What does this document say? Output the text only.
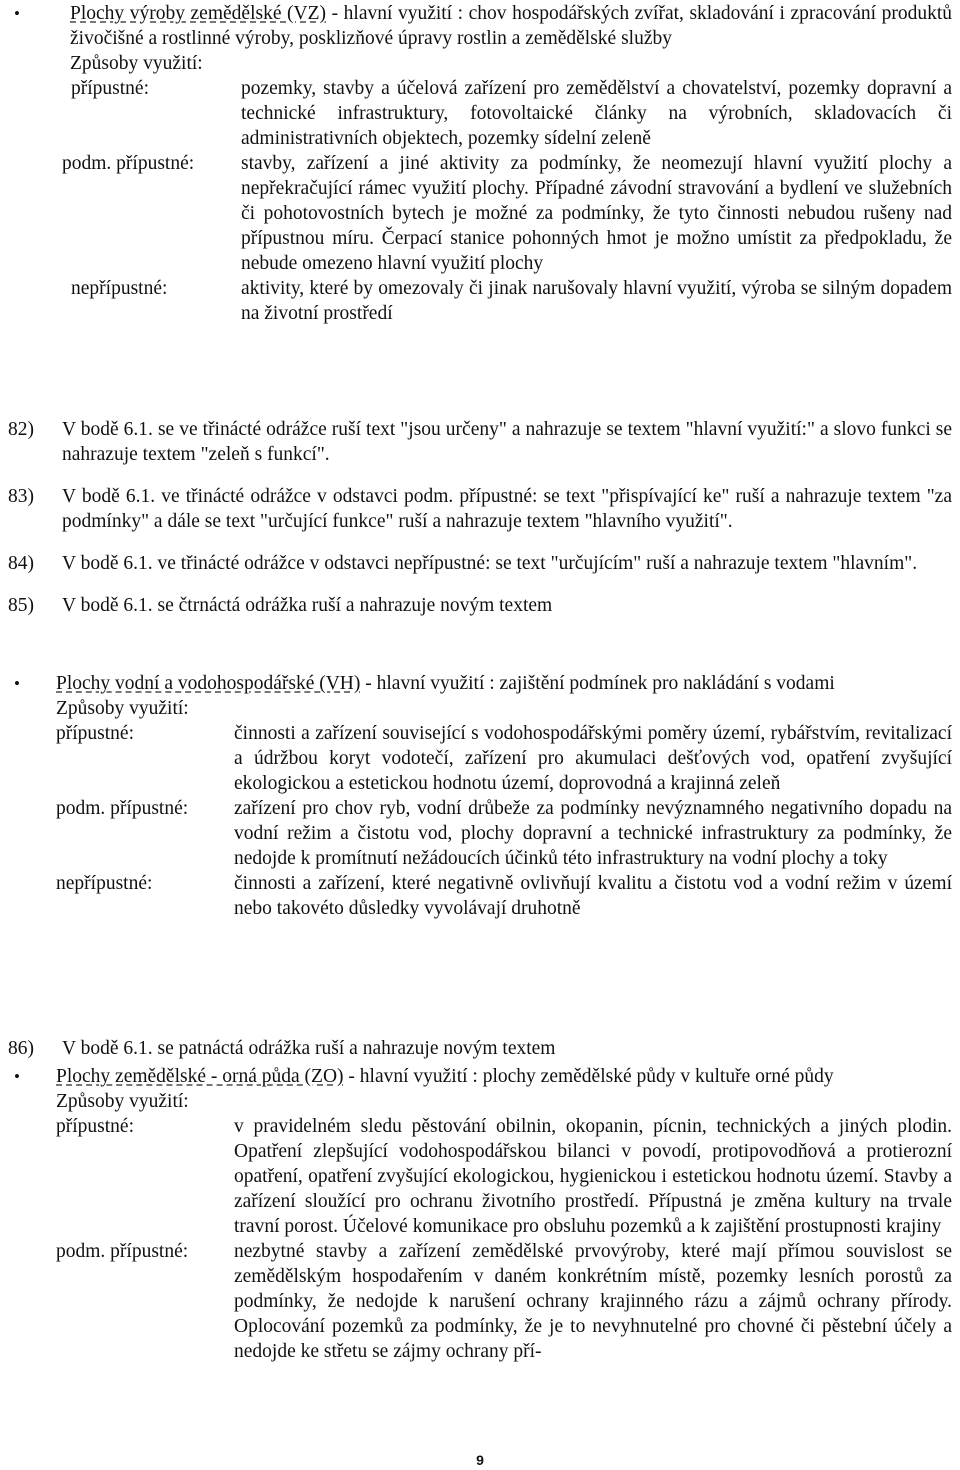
•	Plochy výroby zemědělské (VZ) - hlavní využití : chov hospodářských zvířat, skladování i zpracování produktů živočišné a rostlinné výroby, posklizňové úpravy rostlin a zemědělské služby

Způsoby využití:

přípustné:	pozemky, stavby a účelová zařízení pro zemědělství a chovatelství, pozemky dopravní a technické infrastruktury, fotovoltaické články na výrobních, skladovacích či administrativních objektech, pozemky sídelní zeleně

podm. přípustné:	stavby, zařízení a jiné aktivity za podmínky, že neomezují hlavní využití plochy a nepřekračující rámec využití plochy. Případné závodní stravování a bydlení ve služebních či pohotovostních bytech je možné za podmínky, že tyto činnosti nebudou rušeny nad přípustnou míru. Čerpací stanice pohonných hmot je možno umístit za předpokladu, že nebude omezeno hlavní využití plochy

nepřípustné:	aktivity, které by omezovaly či jinak narušovaly hlavní využití, výroba se silným dopadem na životní prostředí

82) V bodě 6.1. se ve třinácté odrážce ruší text "jsou určeny" a nahrazuje se textem "hlavní využití:" a slovo funkci se nahrazuje textem "zeleň s funkcí".

83) V bodě 6.1. ve třinácté odrážce v odstavci podm. přípustné: se text "přispívající ke" ruší a nahrazuje textem "za podmínky" a dále se text "určující funkce" ruší a nahrazuje textem "hlavního využití".

84) V bodě 6.1. ve třinácté odrážce v odstavci nepřípustné: se text "určujícím" ruší a nahrazuje textem "hlavním".

85) V bodě 6.1. se čtrnáctá odrážka ruší a nahrazuje novým textem

• Plochy vodní a vodohospodářské (VH) - hlavní využití : zajištění podmínek pro nakládání s vodami

Způsoby využití:

přípustné:	činnosti a zařízení související s vodohospodářskými poměry území, rybářstvím, revitalizací a údržbou koryt vodotečí, zařízení pro akumulaci dešťových vod, opatření zvyšující ekologickou a estetickou hodnotu území, doprovodná a krajinná zeleň

podm. přípustné:	zařízení pro chov ryb, vodní drůbeže za podmínky nevýznamného negativního dopadu na vodní režim a čistotu vod, plochy dopravní a technické infrastruktury za podmínky, že nedojde k promítnutí nežádoucích účinků této infrastruktury na vodní plochy a toky

nepřípustné:	činnosti a zařízení, které negativně ovlivňují kvalitu a čistotu vod a vodní režim v území nebo takovéto důsledky vyvolávají druhotně

86) V bodě 6.1. se patnáctá odrážka ruší a nahrazuje novým textem

• Plochy zemědělské - orná půda (ZO) - hlavní využití : plochy zemědělské půdy v kultuře orné půdy

Způsoby využití:

přípustné:	v pravidelném sledu pěstování obilnin, okopanin, pícnin, technických a jiných plodin. Opatření zlepšující vodohospodářskou bilanci v povodí, protipovodňová a protierozní opatření, opatření zvyšující ekologickou, hygienickou i estetickou hodnotu území. Stavby a zařízení sloužící pro ochranu životního prostředí. Přípustná je změna kultury na trvale travní porost. Účelové komunikace pro obsluhu pozemků a k zajištění prostupnosti krajiny

podm. přípustné:	nezbytné stavby a zařízení zemědělské prvovýroby, které mají přímou souvislost se zemědělským hospodařením v daném konkrétním místě, pozemky lesních porostů za podmínky, že nedojde k narušení ochrany krajinného rázu a zájmů ochrany přírody. Oplocování pozemků za podmínky, že je to nevyhnutelné pro chovné či pěstební účely a nedojde ke střetu se zájmy ochrany pří-

9
